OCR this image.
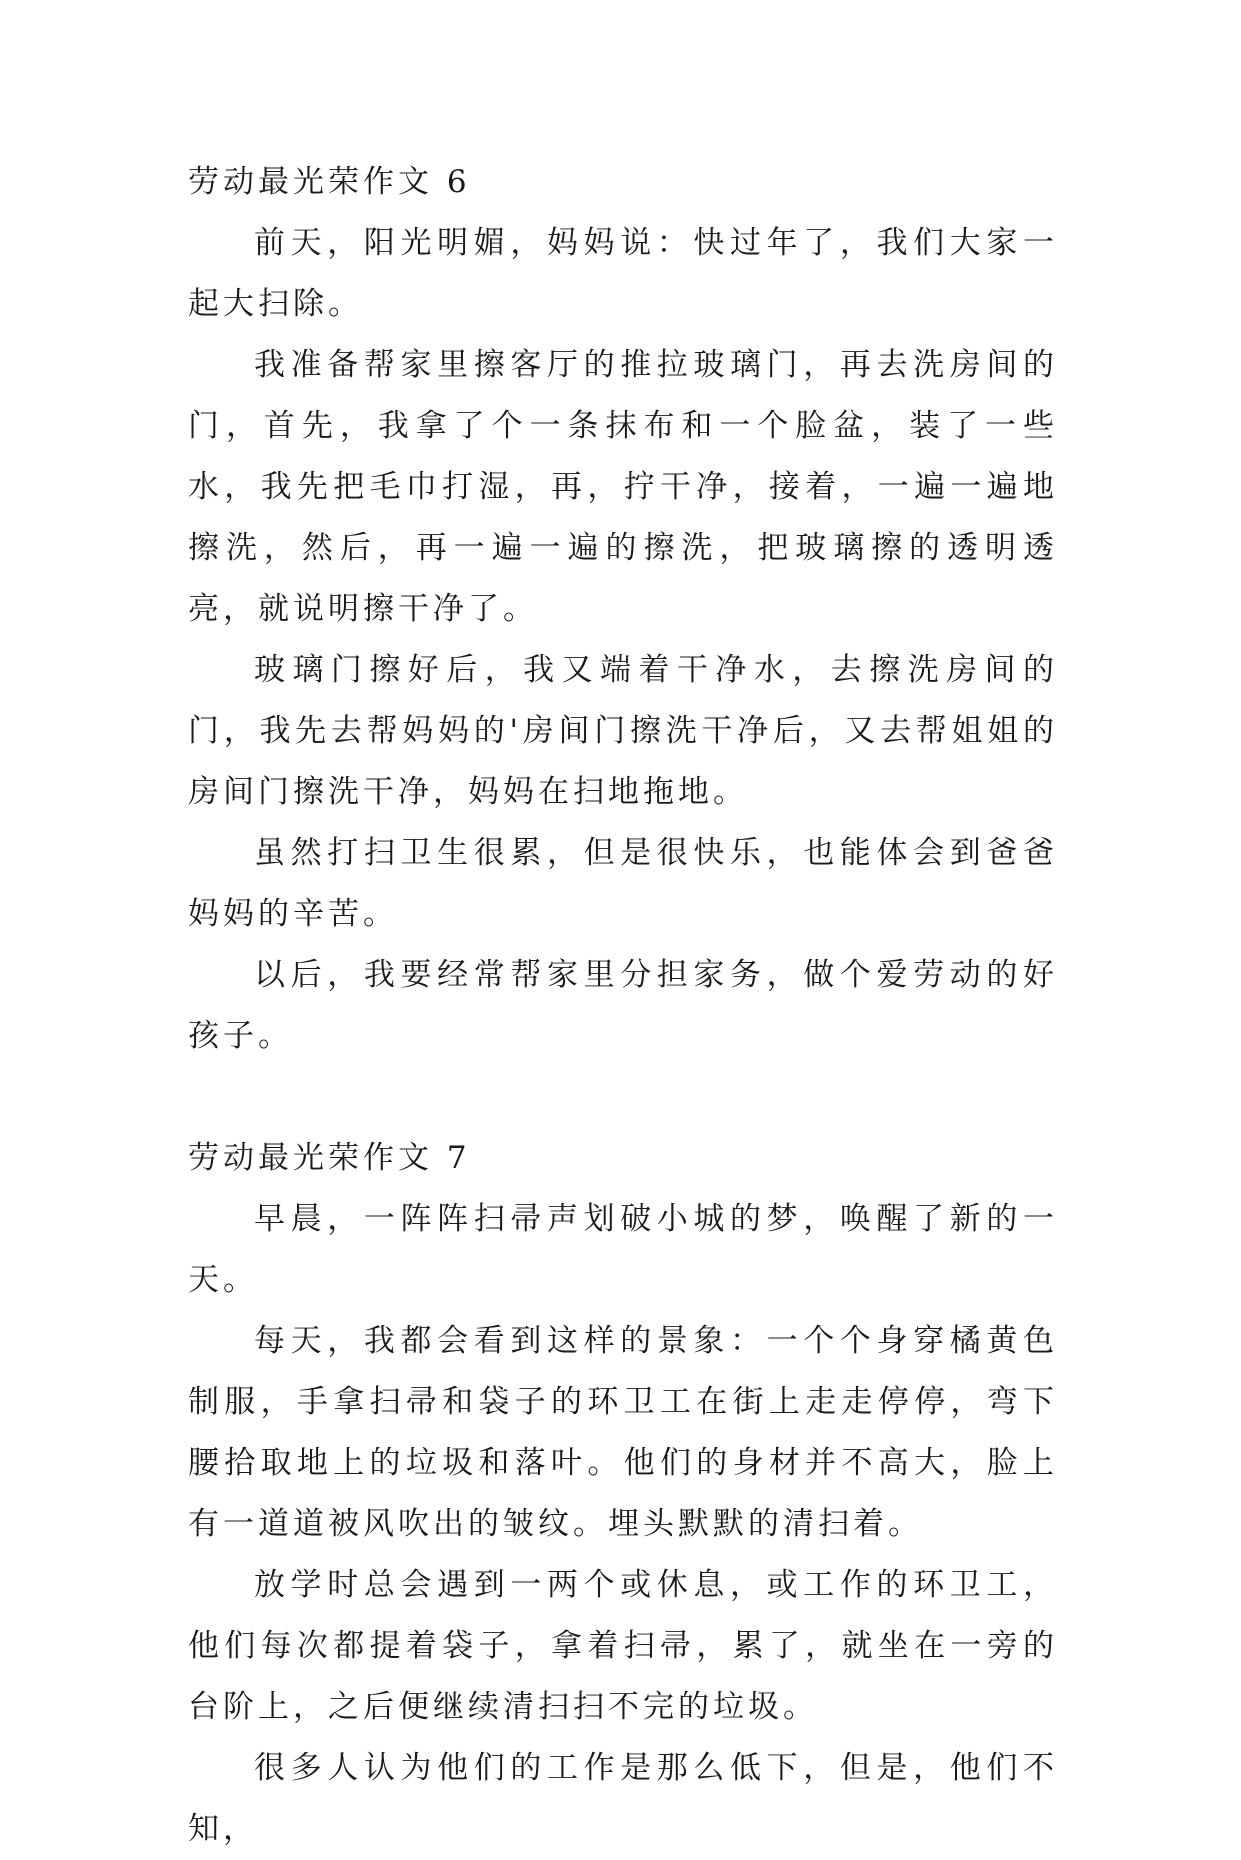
劳动最光荣作文 6

前天，阳光明媚，妈妈说：快过年了，我们大家一起大扫除。

我准备帮家里擦客厅的推拉玻璃门，再去洗房间的门，首先，我拿了个一条抹布和一个脸盆，装了一些水，我先把毛巾打湿，再，拧干净，接着，一遍一遍地擦洗，然后，再一遍一遍的擦洗，把玻璃擦的透明透亮，就说明擦干净了。

玻璃门擦好后，我又端着干净水，去擦洗房间的门，我先去帮妈妈的'房间门擦洗干净后，又去帮姐姐的房间门擦洗干净，妈妈在扫地拖地。

虽然打扫卫生很累，但是很快乐，也能体会到爸爸妈妈的辛苦。

以后，我要经常帮家里分担家务，做个爱劳动的好孩子。

劳动最光荣作文 7

早晨，一阵阵扫帚声划破小城的梦，唤醒了新的一天。

每天，我都会看到这样的景象：一个个身穿橘黄色制服，手拿扫帚和袋子的环卫工在街上走走停停，弯下腰拾取地上的垃圾和落叶。他们的身材并不高大，脸上有一道道被风吹出的皱纹。埋头默默的清扫着。

放学时总会遇到一两个或休息，或工作的环卫工，他们每次都提着袋子，拿着扫帚，累了，就坐在一旁的台阶上，之后便继续清扫扫不完的垃圾。

很多人认为他们的工作是那么低下，但是，他们不知，
